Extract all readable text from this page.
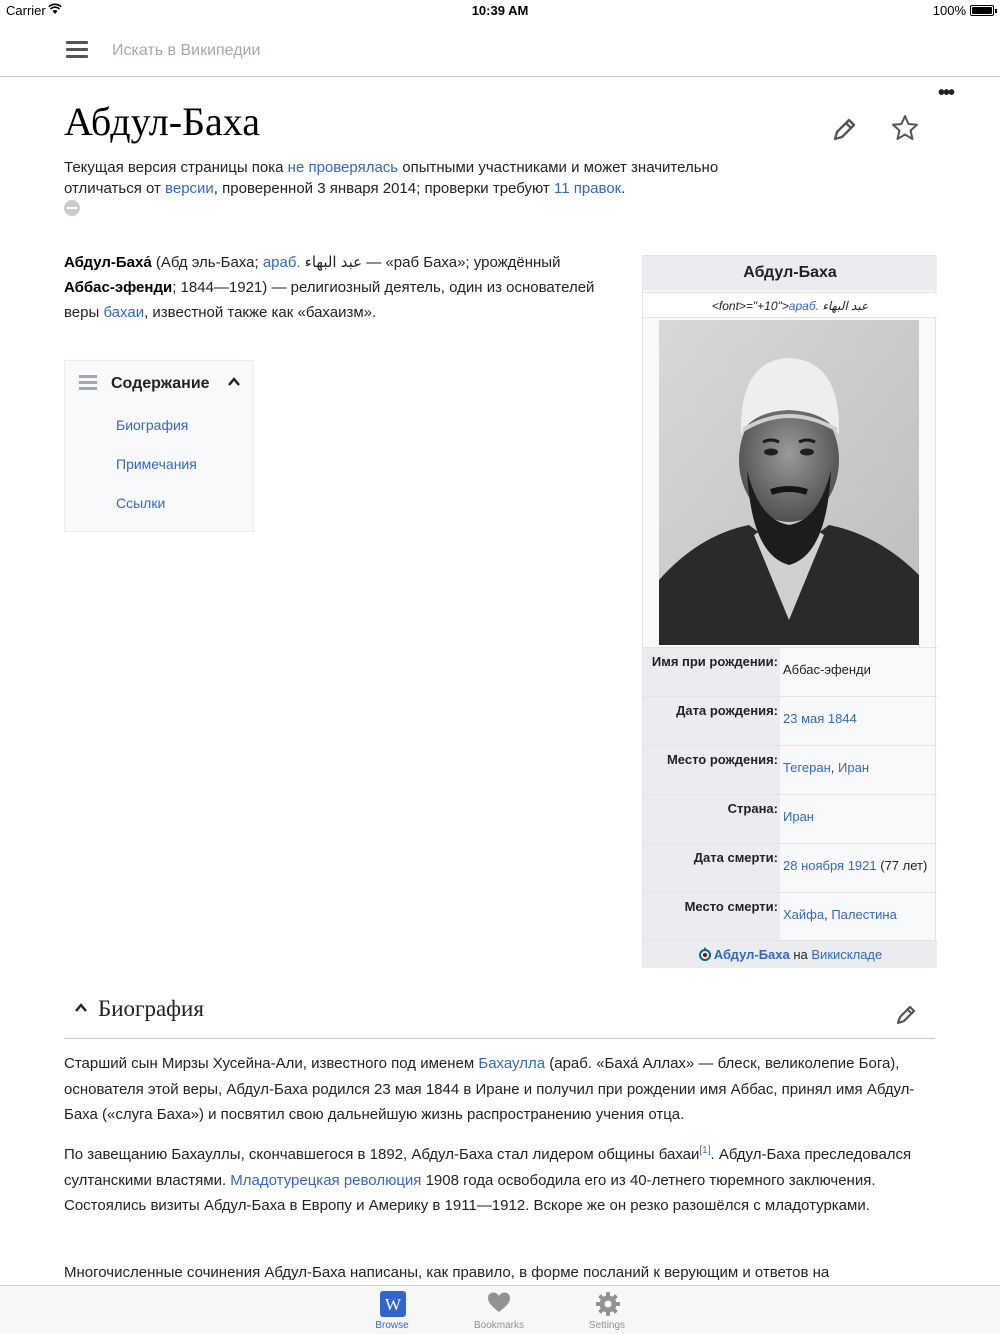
Carrier	10:39 AM	100%
Искать в Википедии
•••
Абдул-Баха
Текущая версия страницы пока не проверялась опытными участниками и может значительно отличаться от версии, проверенной 3 января 2014; проверки требуют 11 правок.
Абдул-Баха́ (Абд эль-Баха; араб. عبد البهاء — «раб Баха»; урождённый Аббас-эфенди; 1844—1921) — религиозный деятель, один из основателей веры бахаи, известной также как «бахаизм».
Содержание
Биография
Примечания
Ссылки
Абдул-Баха
<font>="+10">араб. عبد البهاء
Имя при рождении:
Аббас-эфенди
Дата рождения:
23 мая 1844
Место рождения:
Тегеран, Иран
Страна:
Иран
Дата смерти:
28 ноября 1921 (77 лет)
Место смерти:
Хайфа, Палестина
Абдул-Баха на Викискладе
Биография

Старший сын Мирзы Хусейна-Али, известного под именем Бахаулла (араб. «Баха́ Аллах» — блеск, великолепие Бога), основателя этой веры, Абдул-Баха родился 23 мая 1844 в Иране и получил при рождении имя Аббас, принял имя Абдул-Баха («слуга Баха») и посвятил свою дальнейшую жизнь распространению учения отца.

По завещанию Бахауллы, скончавшегося в 1892, Абдул-Баха стал лидером общины бахаи[1]. Абдул-Баха преследовался султанскими властями. Младотурецкая революция 1908 года освободила его из 40-летнего тюремного заключения. Состоялись визиты Абдул-Баха в Европу и Америку в 1911—1912. Вскоре же он резко разошёлся с младотурками.

Многочисленные сочинения Абдул-Баха написаны, как правило, в форме посланий к верующим и ответов на

W
Browse	Bookmarks	Settings
